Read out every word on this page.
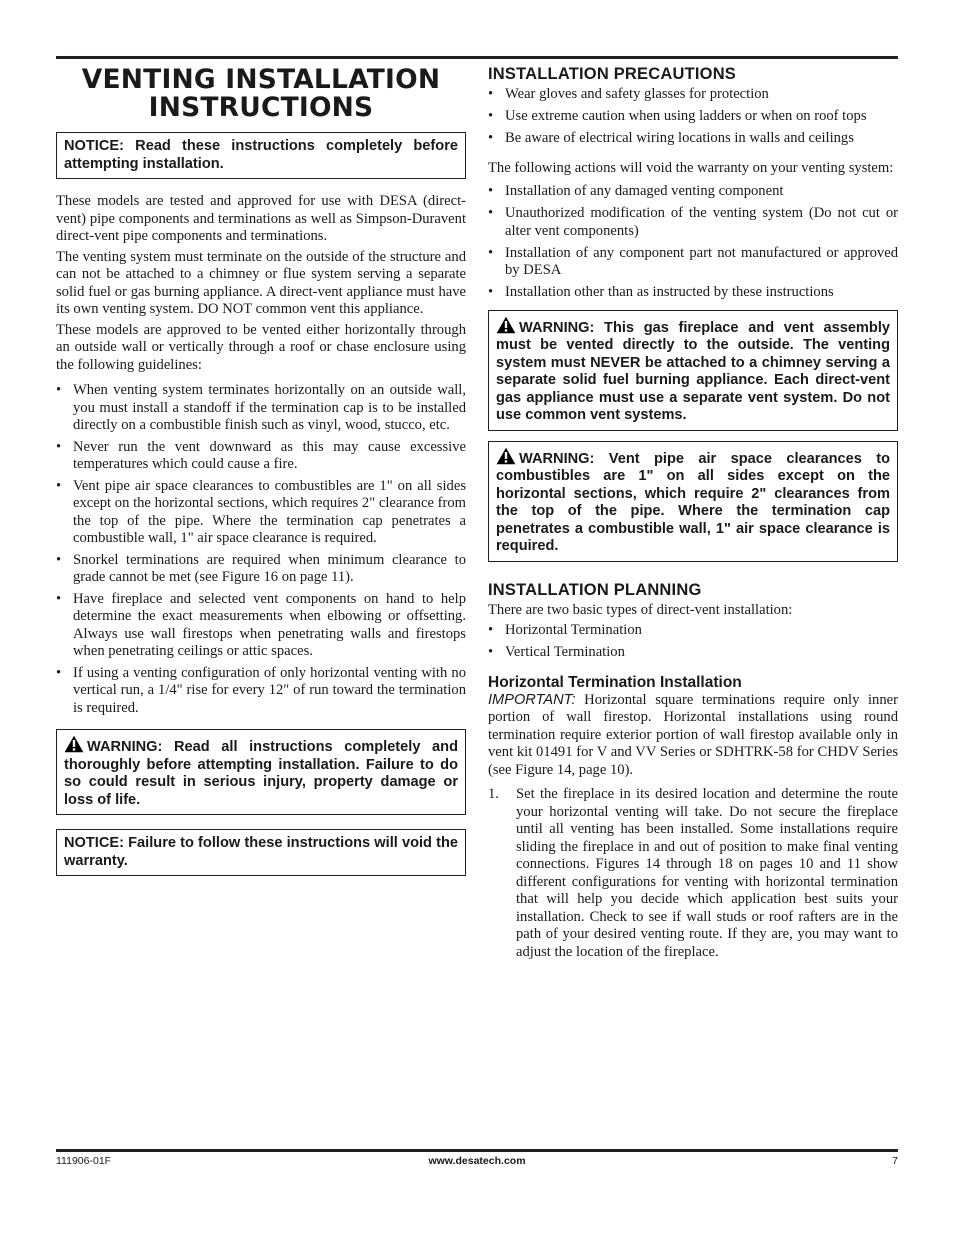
VENTING INSTALLATION
INSTRUCTIONS
NOTICE: Read these instructions completely before attempting installation.

These models are tested and approved for use with DESA (direct-vent) pipe components and terminations as well as Simpson-Duravent direct-vent pipe components and terminations.

The venting system must terminate on the outside of the structure and can not be attached to a chimney or flue system serving a separate solid fuel or gas burning appliance. A direct-vent appliance must have its own venting system. DO NOT common vent this appliance.

These models are approved to be vented either horizontally through an outside wall or vertically through a roof or chase enclosure using the following guidelines:

• When venting system terminates horizontally on an outside wall, you must install a standoff if the termination cap is to be installed directly on a combustible finish such as vinyl, wood, stucco, etc.
• Never run the vent downward as this may cause excessive temperatures which could cause a fire.
• Vent pipe air space clearances to combustibles are 1" on all sides except on the horizontal sections, which requires 2" clearance from the top of the pipe. Where the termination cap penetrates a combustible wall, 1" air space clearance is required.
• Snorkel terminations are required when minimum clearance to grade cannot be met (see Figure 16 on page 11).
• Have fireplace and selected vent components on hand to help determine the exact measurements when elbowing or offsetting. Always use wall firestops when penetrating walls and firestops when penetrating ceilings or attic spaces.
• If using a venting configuration of only horizontal venting with no vertical run, a 1/4" rise for every 12" of run toward the termination is required.
WARNING: Read all instructions completely and thoroughly before attempting installation. Failure to do so could result in serious injury, property damage or loss of life.
NOTICE: Failure to follow these instructions will void the warranty.
INSTALLATION PRECAUTIONS
• Wear gloves and safety glasses for protection
• Use extreme caution when using ladders or when on roof tops
• Be aware of electrical wiring locations in walls and ceilings

The following actions will void the warranty on your venting system:

• Installation of any damaged venting component
• Unauthorized modification of the venting system (Do not cut or alter vent components)
• Installation of any component part not manufactured or approved by DESA
• Installation other than as instructed by these instructions
WARNING: This gas fireplace and vent assembly must be vented directly to the outside. The venting system must NEVER be attached to a chimney serving a separate solid fuel burning appliance. Each direct-vent gas appliance must use a separate vent system. Do not use common vent systems.
WARNING: Vent pipe air space clearances to combustibles are 1" on all sides except on the horizontal sections, which require 2" clearances from the top of the pipe. Where the termination cap penetrates a combustible wall, 1" air space clearance is required.
INSTALLATION PLANNING

There are two basic types of direct-vent installation:

• Horizontal Termination
• Vertical Termination
Horizontal Termination Installation

IMPORTANT: Horizontal square terminations require only inner portion of wall firestop. Horizontal installations using round termination require exterior portion of wall firestop available only in vent kit 01491 for V and VV Series or SDHTRK-58 for CHDV Series (see Figure 14, page 10).

1. Set the fireplace in its desired location and determine the route your horizontal venting will take. Do not secure the fireplace until all venting has been installed. Some installations require sliding the fireplace in and out of position to make final venting connections. Figures 14 through 18 on pages 10 and 11 show different configurations for venting with horizontal termination that will help you decide which application best suits your installation. Check to see if wall studs or roof rafters are in the path of your desired venting route. If they are, you may want to adjust the location of the fireplace.
111906-01F	www.desatech.com	7
